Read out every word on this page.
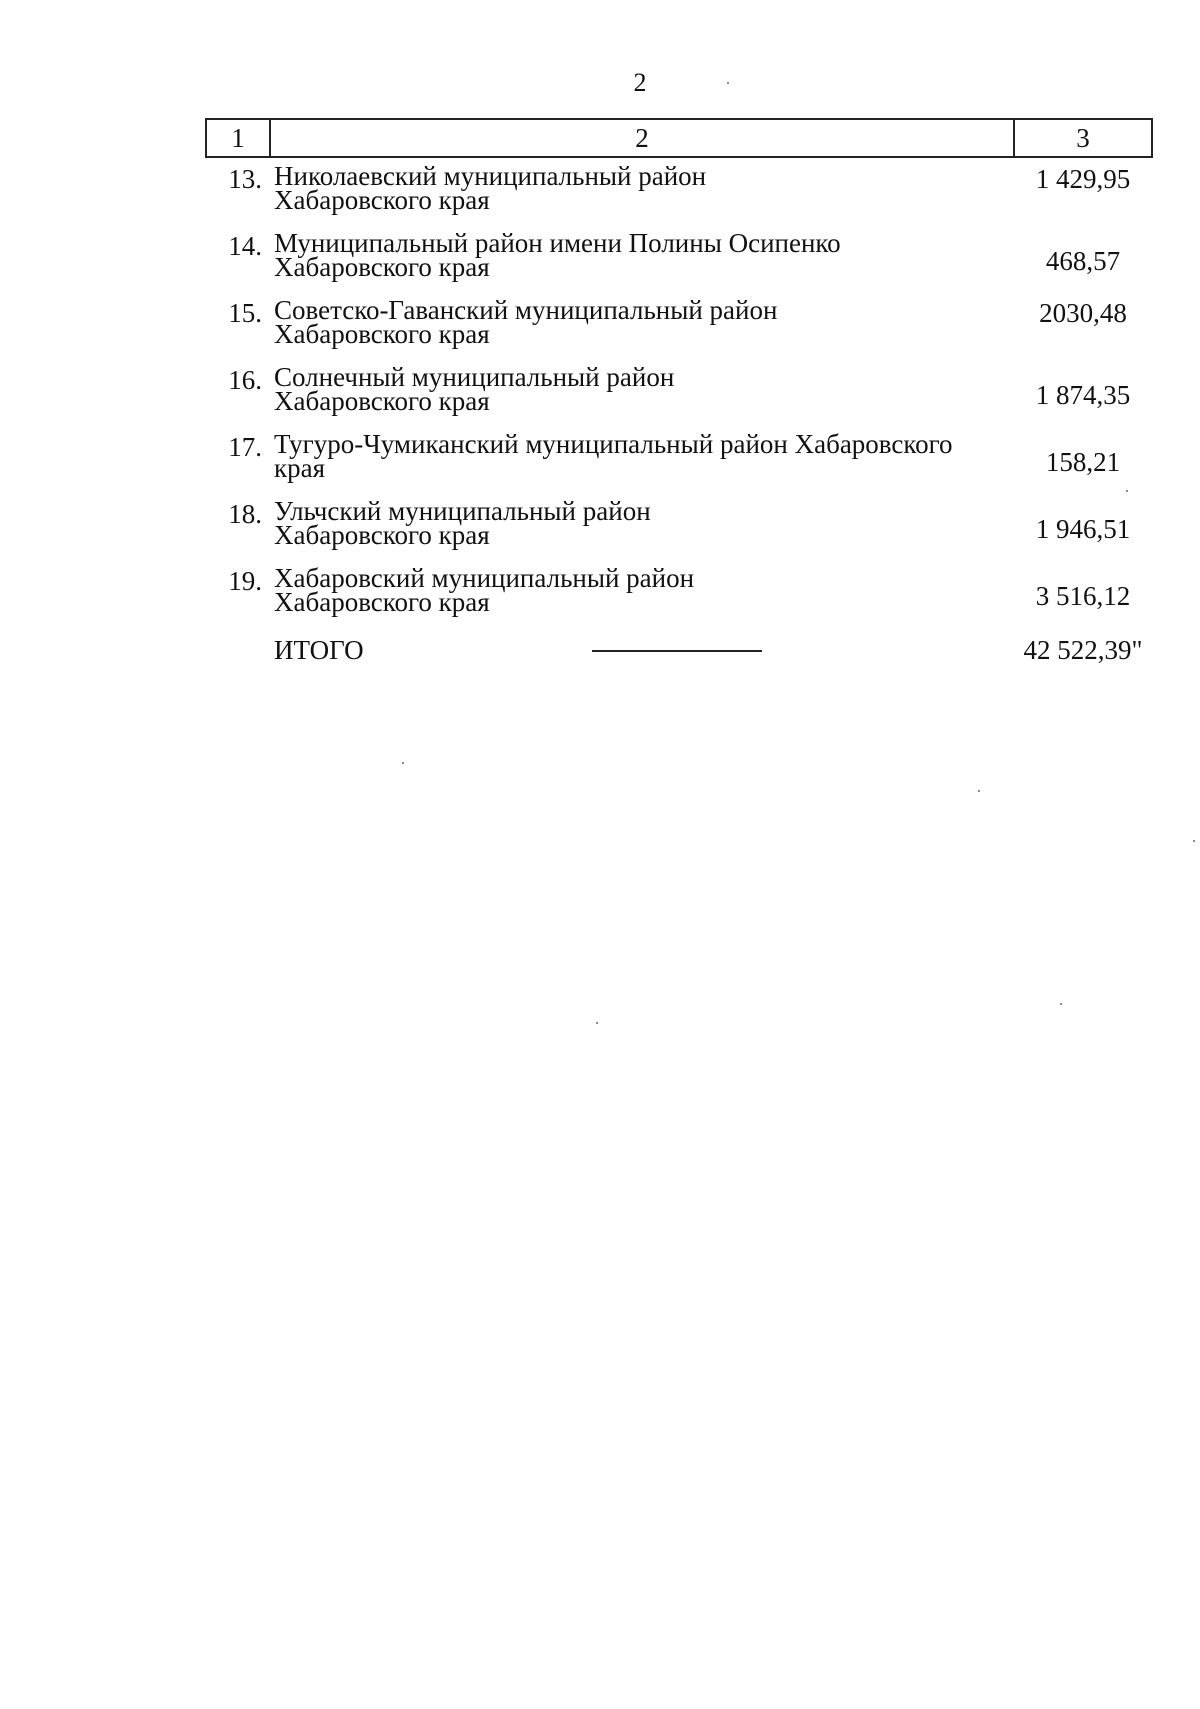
2
1	2	3
13.	Николаевский муниципальный район
Хабаровского края	1 429,95
14.	Муниципальный район имени Полины Осипенко
Хабаровского края	468,57
15.	Советско-Гаванский муниципальный район
Хабаровского края	2030,48
16.	Солнечный муниципальный район
Хабаровского края	1 874,35
17.	Тугуро-Чумиканский муниципальный район Хабаровского
края	158,21
18.	Ульчский муниципальный район
Хабаровского края	1 946,51
19.	Хабаровский муниципальный район
Хабаровского края	3 516,12
	ИТОГО	42 522,39"
